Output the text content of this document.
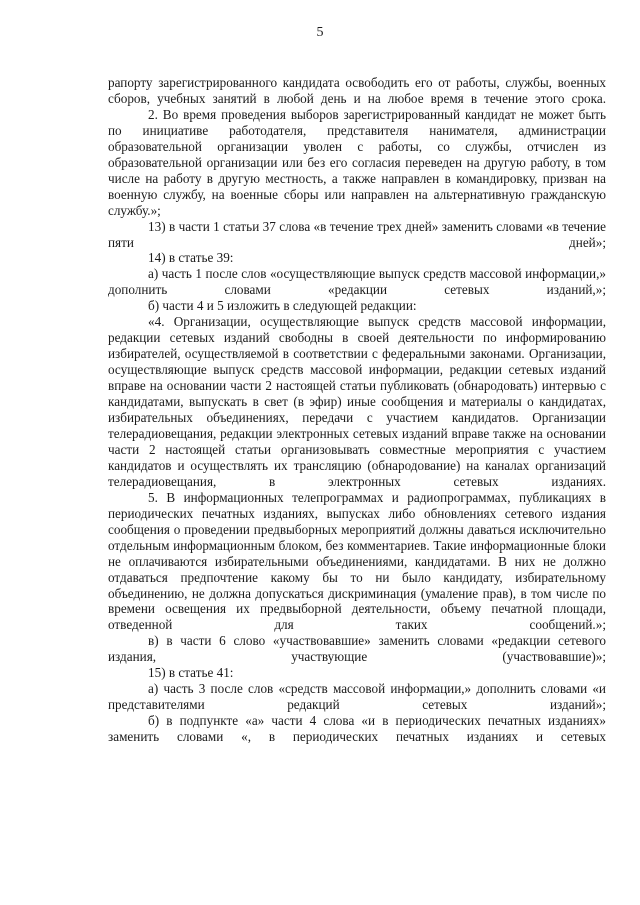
5

рапорту зарегистрированного кандидата освободить его от работы, службы, военных сборов, учебных занятий в любой день и на любое время в течение этого срока.

2. Во время проведения выборов зарегистрированный кандидат не может быть по инициативе работодателя, представителя нанимателя, администрации образовательной организации уволен с работы, со службы, отчислен из образовательной организации или без его согласия переведен на другую работу, в том числе на работу в другую местность, а также направлен в командировку, призван на военную службу, на военные сборы или направлен на альтернативную гражданскую службу.»;

13) в части 1 статьи 37 слова «в течение трех дней» заменить словами «в течение пяти дней»;

14) в статье 39:

а) часть 1 после слов «осуществляющие выпуск средств массовой информации,» дополнить словами «редакции сетевых изданий,»;

б) части 4 и 5 изложить в следующей редакции:

«4. Организации, осуществляющие выпуск средств массовой информации, редакции сетевых изданий свободны в своей деятельности по информированию избирателей, осуществляемой в соответствии с федеральными законами. Организации, осуществляющие выпуск средств массовой информации, редакции сетевых изданий вправе на основании части 2 настоящей статьи публиковать (обнародовать) интервью с кандидатами, выпускать в свет (в эфир) иные сообщения и материалы о кандидатах, избирательных объединениях, передачи с участием кандидатов. Организации телерадиовещания, редакции электронных сетевых изданий вправе также на основании части 2 настоящей статьи организовывать совместные мероприятия с участием кандидатов и осуществлять их трансляцию (обнародование) на каналах организаций телерадиовещания, в электронных сетевых изданиях.

5. В информационных телепрограммах и радиопрограммах, публикациях в периодических печатных изданиях, выпусках либо обновлениях сетевого издания сообщения о проведении предвыборных мероприятий должны даваться исключительно отдельным информационным блоком, без комментариев. Такие информационные блоки не оплачиваются избирательными объединениями, кандидатами. В них не должно отдаваться предпочтение какому бы то ни было кандидату, избирательному объединению, не должна допускаться дискриминация (умаление прав), в том числе по времени освещения их предвыборной деятельности, объему печатной площади, отведенной для таких сообщений.»;

в) в части 6 слово «участвовавшие» заменить словами «редакции сетевого издания, участвующие (участвовавшие)»;

15) в статье 41:

а) часть 3 после слов «средств массовой информации,» дополнить словами «и представителями редакций сетевых изданий»;

б) в подпункте «а» части 4 слова «и в периодических печатных изданиях» заменить словами «, в периодических печатных изданиях и сетевых
